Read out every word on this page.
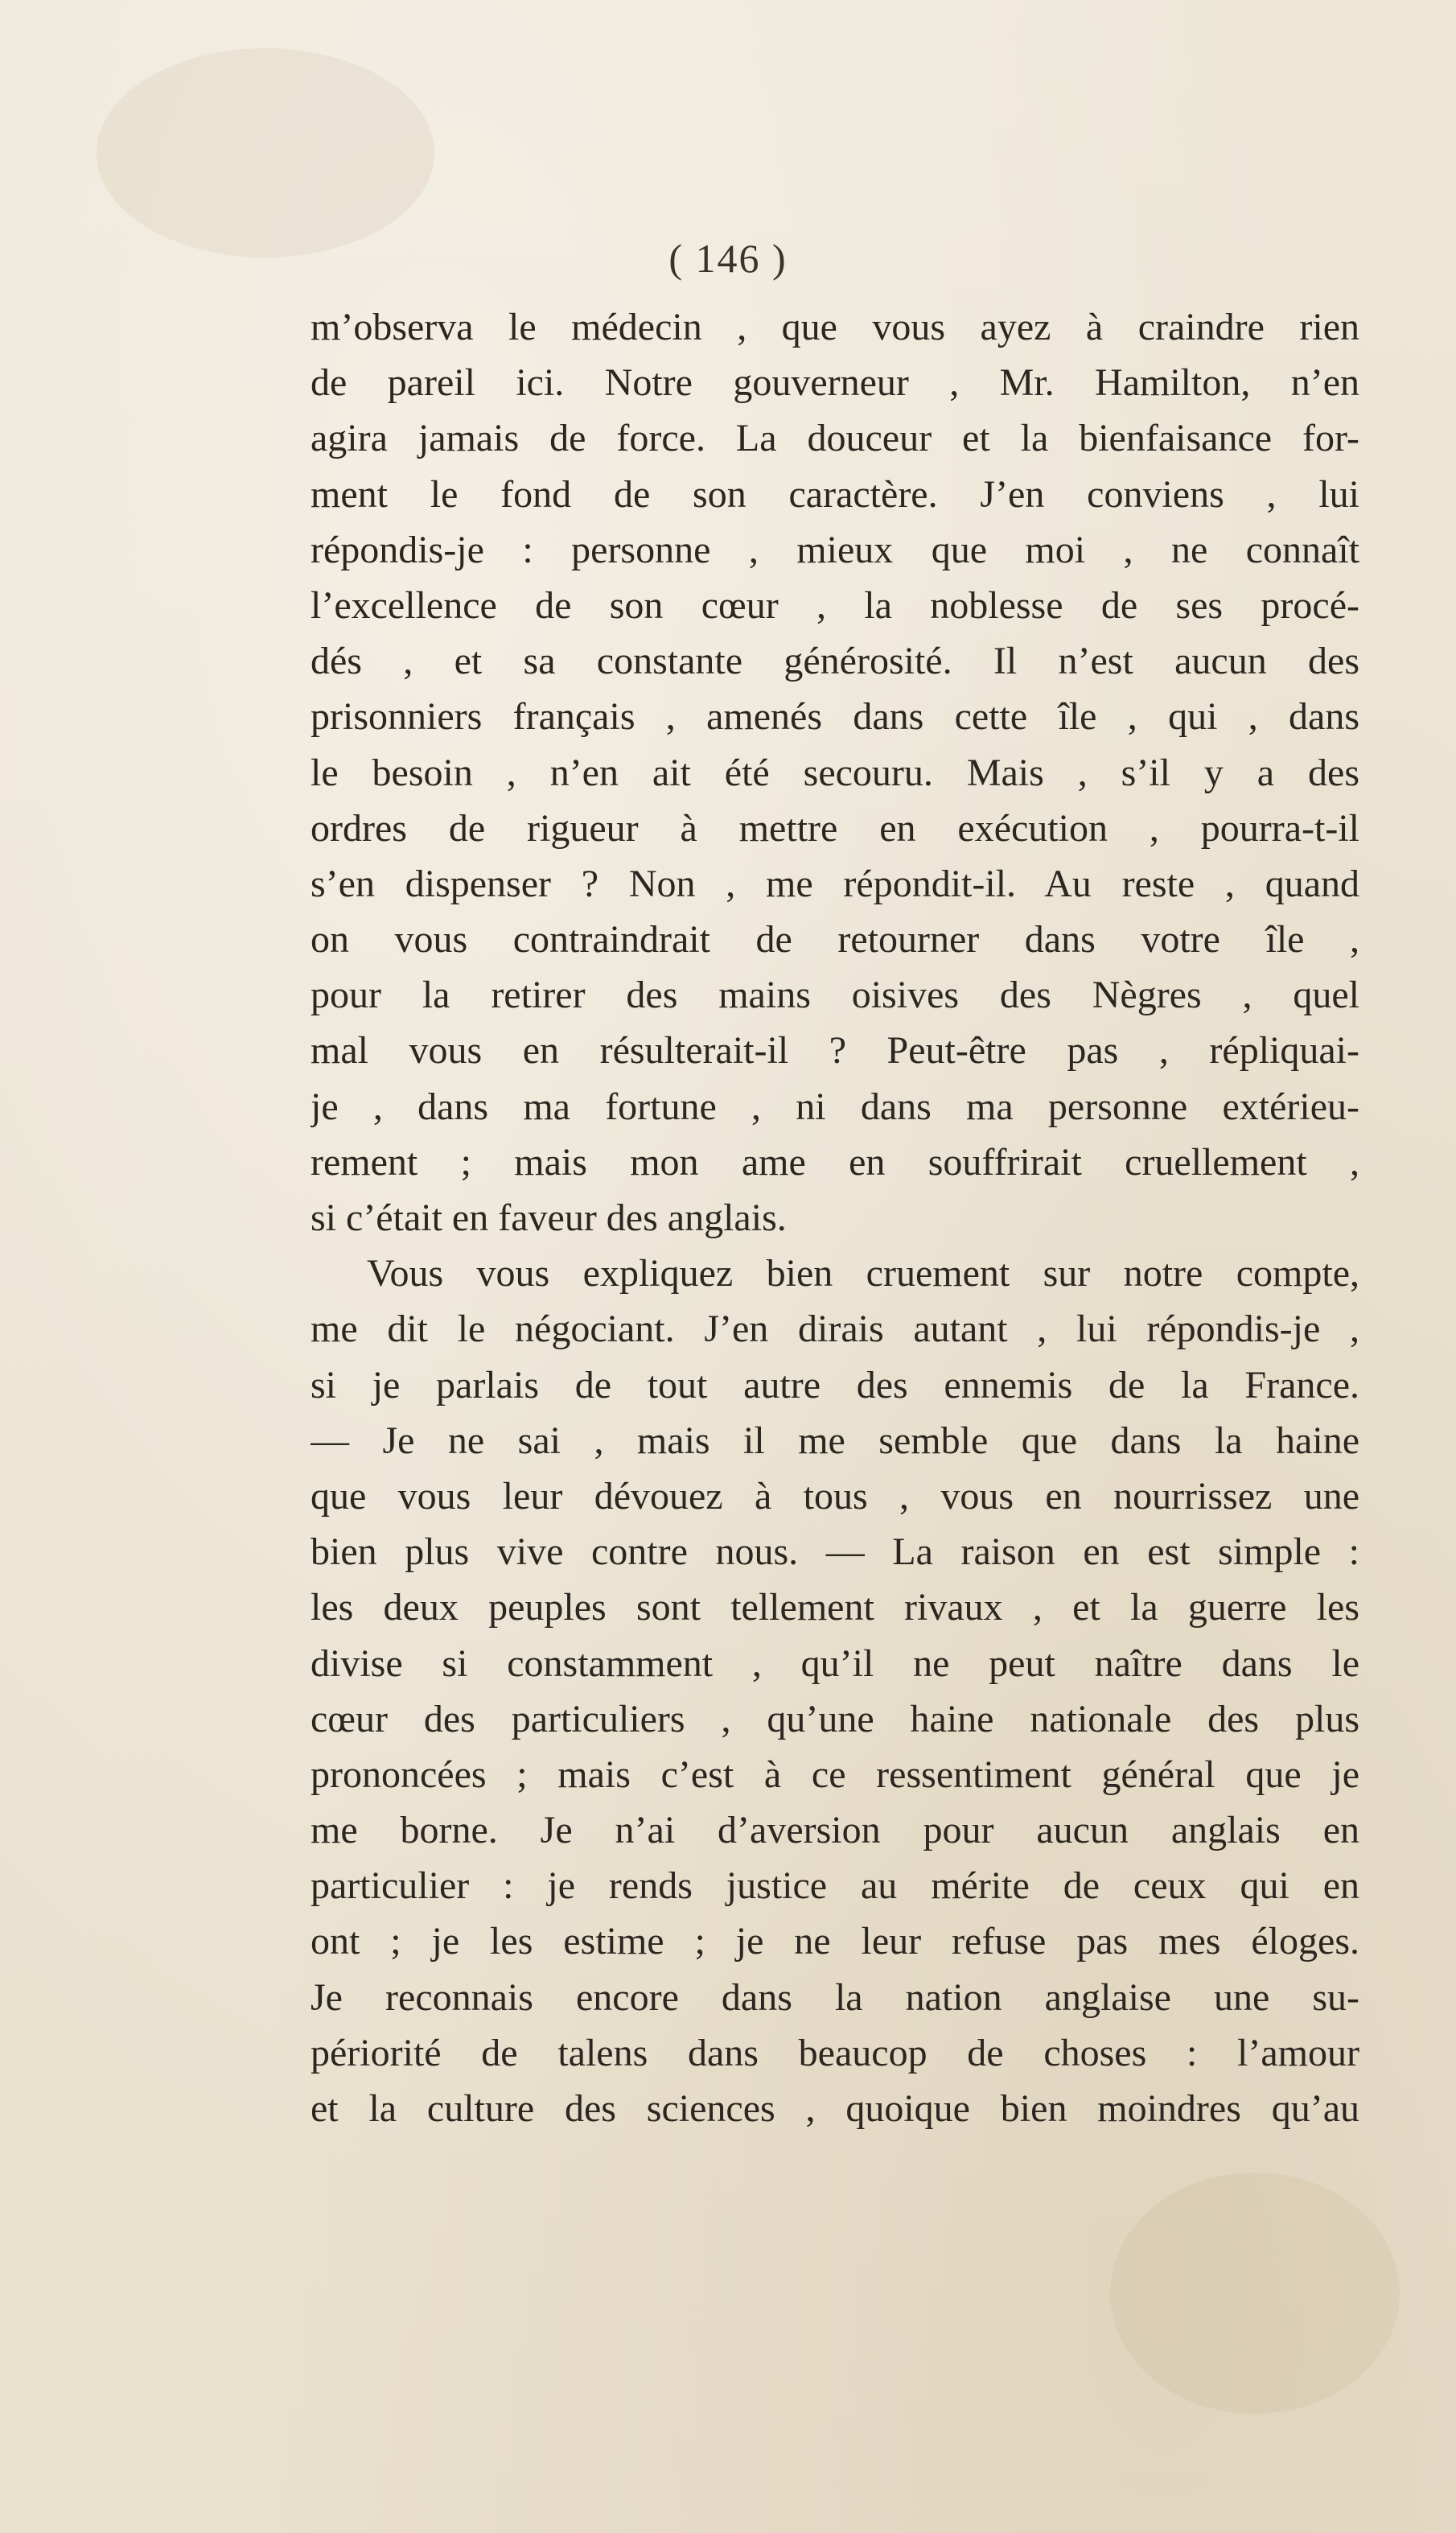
( 146 )
m’observa le médecin , que vous ayez à craindre rien
de pareil ici. Notre gouverneur , Mr. Hamilton, n’en
agira jamais de force. La douceur et la bienfaisance for-
ment le fond de son caractère. J’en conviens , lui
répondis-je : personne , mieux que moi , ne connaît
l’excellence de son cœur , la noblesse de ses procé-
dés , et sa constante générosité. Il n’est aucun des
prisonniers français , amenés dans cette île , qui , dans
le besoin , n’en ait été secouru. Mais , s’il y a des
ordres de rigueur à mettre en exécution , pourra-t-il
s’en dispenser ? Non , me répondit-il. Au reste , quand
on vous contraindrait de retourner dans votre île ,
pour la retirer des mains oisives des Nègres , quel
mal vous en résulterait-il ? Peut-être pas , répliquai-
je , dans ma fortune , ni dans ma personne extérieu-
rement ; mais mon ame en souffrirait cruellement ,
si c’était en faveur des anglais.
Vous vous expliquez bien cruement sur notre compte,
me dit le négociant. J’en dirais autant , lui répondis-je ,
si je parlais de tout autre des ennemis de la France.
— Je ne sai , mais il me semble que dans la haine
que vous leur dévouez à tous , vous en nourrissez une
bien plus vive contre nous. — La raison en est simple :
les deux peuples sont tellement rivaux , et la guerre les
divise si constamment , qu’il ne peut naître dans le
cœur des particuliers , qu’une haine nationale des plus
prononcées ; mais c’est à ce ressentiment général que je
me borne. Je n’ai d’aversion pour aucun anglais en
particulier : je rends justice au mérite de ceux qui en
ont ; je les estime ; je ne leur refuse pas mes éloges.
Je reconnais encore dans la nation anglaise une su-
périorité de talens dans beaucop de choses : l’amour
et la culture des sciences , quoique bien moindres qu’au
